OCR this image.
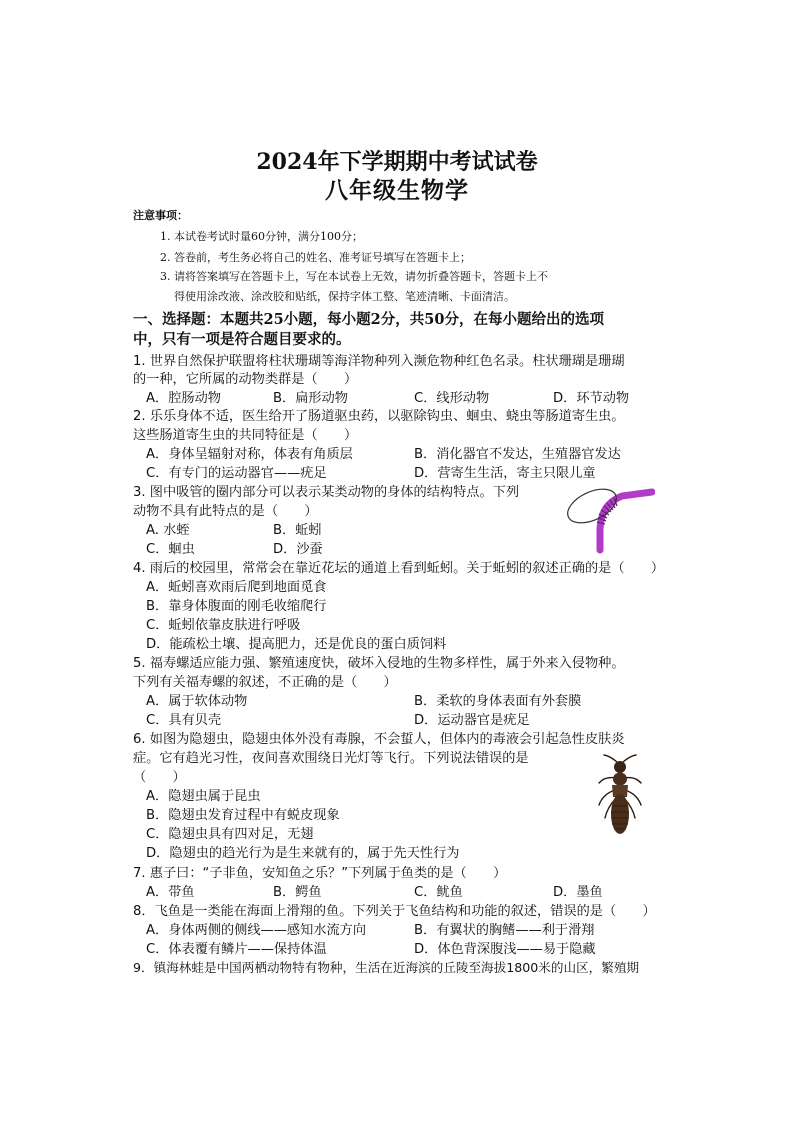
2024年下学期期中考试试卷
八年级生物学
注意事项：
1. 本试卷考试时量60分钟，满分100分；
2. 答卷前，考生务必将自己的姓名、准考证号填写在答题卡上；
3. 请将答案填写在答题卡上，写在本试卷上无效，请勿折叠答题卡，答题卡上不
得使用涂改液、涂改胶和贴纸，保持字体工整、笔迹清晰、卡面清洁。
一、选择题：本题共25小题，每小题2分，共50分，在每小题给出的选项
中，只有一项是符合题目要求的。
1. 世界自然保护联盟将柱状珊瑚等海洋物种列入濒危物种红色名录。柱状珊瑚是珊瑚
的一种，它所属的动物类群是（　　）
A．腔肠动物	B．扁形动物	C．线形动物	D．环节动物
2. 乐乐身体不适，医生给开了肠道驱虫药，以驱除钩虫、蛔虫、蛲虫等肠道寄生虫。
这些肠道寄生虫的共同特征是（　　）
A．身体呈辐射对称，体表有角质层	B．消化器官不发达，生殖器官发达
C．有专门的运动器官——疣足	D．营寄生生活，寄主只限儿童
3. 图中吸管的圈内部分可以表示某类动物的身体的结构特点。下列
动物不具有此特点的是（　　）
A. 水蛭	B．蚯蚓
C．蛔虫	D．沙蚕
4. 雨后的校园里，常常会在靠近花坛的通道上看到蚯蚓。关于蚯蚓的叙述正确的是（　　）
A．蚯蚓喜欢雨后爬到地面觅食
B．靠身体腹面的刚毛收缩爬行
C．蚯蚓依靠皮肤进行呼吸
D．能疏松土壤、提高肥力，还是优良的蛋白质饲料
5. 福寿螺适应能力强、繁殖速度快，破坏入侵地的生物多样性，属于外来入侵物种。
下列有关福寿螺的叙述，不正确的是（　　）
A．属于软体动物	B．柔软的身体表面有外套膜
C．具有贝壳	D．运动器官是疣足
6. 如图为隐翅虫，隐翅虫体外没有毒腺，不会蜇人，但体内的毒液会引起急性皮肤炎
症。它有趋光习性，夜间喜欢围绕日光灯等飞行。下列说法错误的是
（　　）
A．隐翅虫属于昆虫
B．隐翅虫发育过程中有蜕皮现象
C．隐翅虫具有四对足，无翅
D．隐翅虫的趋光行为是生来就有的，属于先天性行为
7. 惠子曰：“子非鱼，安知鱼之乐？”下列属于鱼类的是（　　）
A．带鱼	B．鳄鱼	C．鱿鱼	D．墨鱼
8．飞鱼是一类能在海面上滑翔的鱼。下列关于飞鱼结构和功能的叙述，错误的是（　　）
A．身体两侧的侧线——感知水流方向	B．有翼状的胸鳍——利于滑翔
C．体表覆有鳞片——保持体温	D．体色背深腹浅——易于隐藏
9．镇海林蛙是中国两栖动物特有物种，生活在近海滨的丘陵至海拔1800米的山区，繁殖期
